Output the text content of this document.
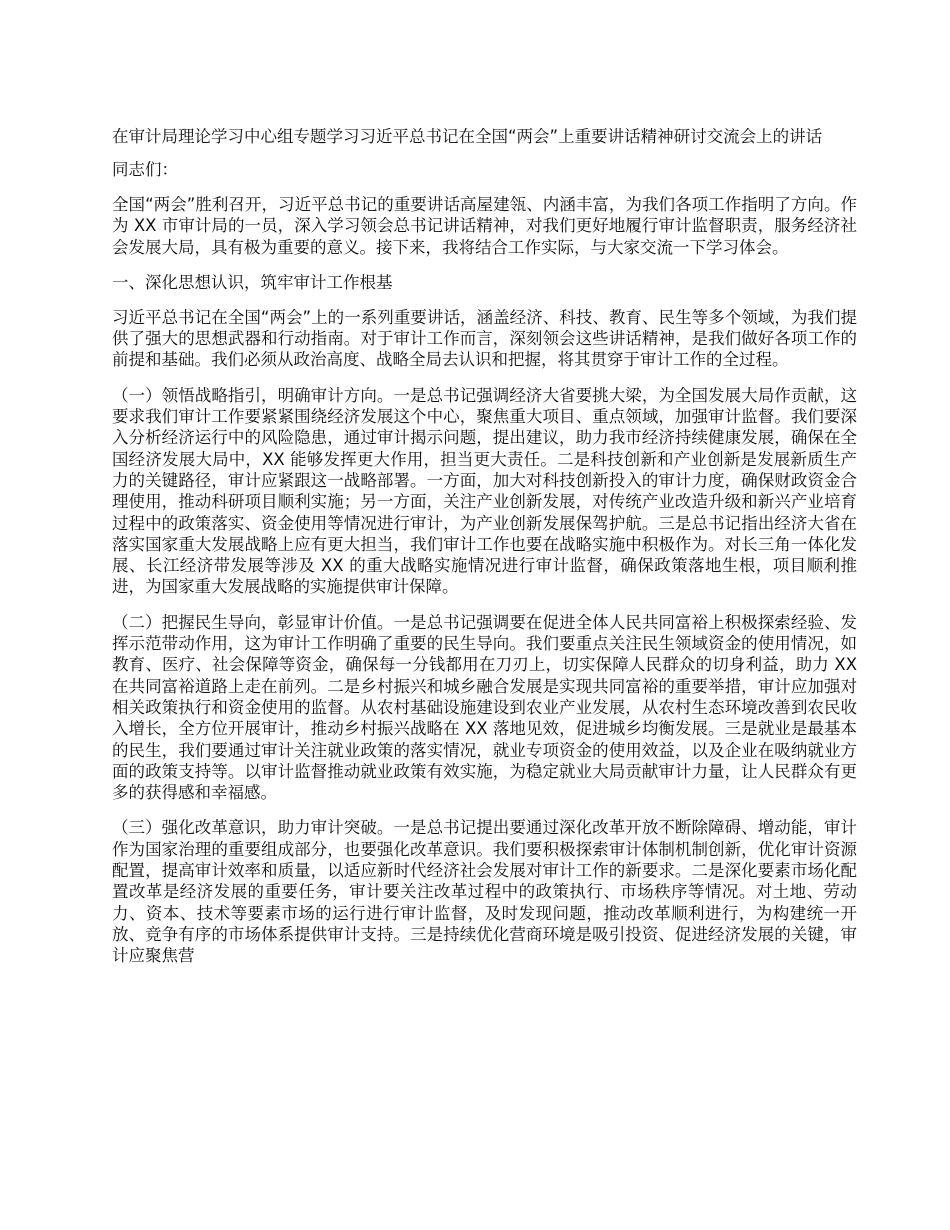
在审计局理论学习中心组专题学习习近平总书记在全国“两会”上重要讲话精神研讨交流会上的讲话
同志们：
全国“两会”胜利召开，习近平总书记的重要讲话高屋建瓴、内涵丰富，为我们各项工作指明了方向。作为 XX 市审计局的一员，深入学习领会总书记讲话精神，对我们更好地履行审计监督职责，服务经济社会发展大局，具有极为重要的意义。接下来，我将结合工作实际，与大家交流一下学习体会。
一、深化思想认识，筑牢审计工作根基
习近平总书记在全国“两会”上的一系列重要讲话，涵盖经济、科技、教育、民生等多个领域，为我们提供了强大的思想武器和行动指南。对于审计工作而言，深刻领会这些讲话精神，是我们做好各项工作的前提和基础。我们必须从政治高度、战略全局去认识和把握，将其贯穿于审计工作的全过程。
（一）领悟战略指引，明确审计方向。一是总书记强调经济大省要挑大梁，为全国发展大局作贡献，这要求我们审计工作要紧紧围绕经济发展这个中心，聚焦重大项目、重点领域，加强审计监督。我们要深入分析经济运行中的风险隐患，通过审计揭示问题，提出建议，助力我市经济持续健康发展，确保在全国经济发展大局中，XX 能够发挥更大作用，担当更大责任。二是科技创新和产业创新是发展新质生产力的关键路径，审计应紧跟这一战略部署。一方面，加大对科技创新投入的审计力度，确保财政资金合理使用，推动科研项目顺利实施；另一方面，关注产业创新发展，对传统产业改造升级和新兴产业培育过程中的政策落实、资金使用等情况进行审计，为产业创新发展保驾护航。三是总书记指出经济大省在落实国家重大发展战略上应有更大担当，我们审计工作也要在战略实施中积极作为。对长三角一体化发展、长江经济带发展等涉及 XX 的重大战略实施情况进行审计监督，确保政策落地生根，项目顺利推进，为国家重大发展战略的实施提供审计保障。
（二）把握民生导向，彰显审计价值。一是总书记强调要在促进全体人民共同富裕上积极探索经验、发挥示范带动作用，这为审计工作明确了重要的民生导向。我们要重点关注民生领域资金的使用情况，如教育、医疗、社会保障等资金，确保每一分钱都用在刀刃上，切实保障人民群众的切身利益，助力 XX 在共同富裕道路上走在前列。二是乡村振兴和城乡融合发展是实现共同富裕的重要举措，审计应加强对相关政策执行和资金使用的监督。从农村基础设施建设到农业产业发展，从农村生态环境改善到农民收入增长，全方位开展审计，推动乡村振兴战略在 XX 落地见效，促进城乡均衡发展。三是就业是最基本的民生，我们要通过审计关注就业政策的落实情况，就业专项资金的使用效益，以及企业在吸纳就业方面的政策支持等。以审计监督推动就业政策有效实施，为稳定就业大局贡献审计力量，让人民群众有更多的获得感和幸福感。
（三）强化改革意识，助力审计突破。一是总书记提出要通过深化改革开放不断除障碍、增动能，审计作为国家治理的重要组成部分，也要强化改革意识。我们要积极探索审计体制机制创新，优化审计资源配置，提高审计效率和质量，以适应新时代经济社会发展对审计工作的新要求。二是深化要素市场化配置改革是经济发展的重要任务，审计要关注改革过程中的政策执行、市场秩序等情况。对土地、劳动力、资本、技术等要素市场的运行进行审计监督，及时发现问题，推动改革顺利进行，为构建统一开放、竞争有序的市场体系提供审计支持。三是持续优化营商环境是吸引投资、促进经济发展的关键，审计应聚焦营
